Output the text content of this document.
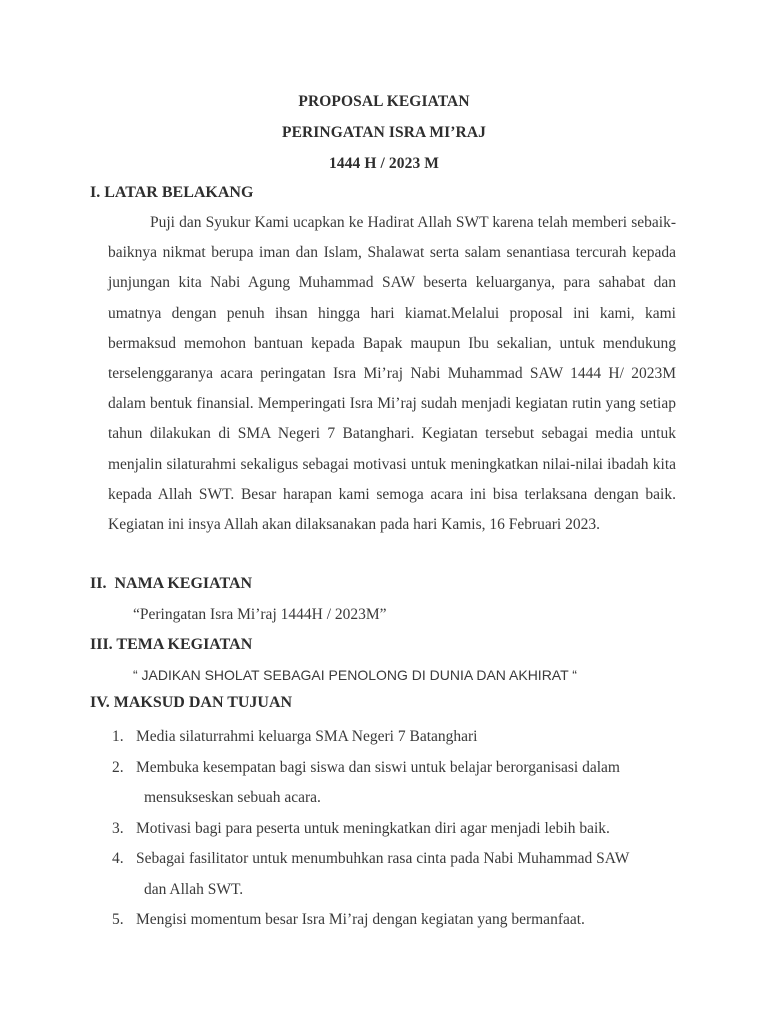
PROPOSAL KEGIATAN
PERINGATAN ISRA MI’RAJ
1444 H / 2023 M
I. LATAR BELAKANG
Puji dan Syukur Kami ucapkan ke Hadirat Allah SWT karena telah memberi sebaik-baiknya nikmat berupa iman dan Islam, Shalawat serta salam senantiasa tercurah kepada junjungan kita Nabi Agung Muhammad SAW beserta keluarganya, para sahabat dan umatnya dengan penuh ihsan hingga hari kiamat.Melalui proposal ini kami, kami bermaksud memohon bantuan kepada Bapak maupun Ibu sekalian, untuk mendukung terselenggaranya acara peringatan Isra Mi’raj Nabi Muhammad SAW 1444 H/ 2023M dalam bentuk finansial. Memperingati Isra Mi’raj sudah menjadi kegiatan rutin yang setiap tahun dilakukan di SMA Negeri 7 Batanghari. Kegiatan tersebut sebagai media untuk menjalin silaturahmi sekaligus sebagai motivasi untuk meningkatkan nilai-nilai ibadah kita kepada Allah SWT. Besar harapan kami semoga acara ini bisa terlaksana dengan baik. Kegiatan ini insya Allah akan dilaksanakan pada hari Kamis, 16 Februari 2023.
II.  NAMA KEGIATAN
“Peringatan Isra Mi’raj 1444H / 2023M”
III. TEMA KEGIATAN
“ JADIKAN SHOLAT SEBAGAI PENOLONG DI DUNIA DAN AKHIRAT “
IV. MAKSUD DAN TUJUAN
1. Media silaturrahmi keluarga SMA Negeri 7 Batanghari
2. Membuka kesempatan bagi siswa dan siswi untuk belajar berorganisasi dalam
mensukseskan sebuah acara.
3. Motivasi bagi para peserta untuk meningkatkan diri agar menjadi lebih baik.
4. Sebagai fasilitator untuk menumbuhkan rasa cinta pada Nabi Muhammad SAW
dan Allah SWT.
5. Mengisi momentum besar Isra Mi’raj dengan kegiatan yang bermanfaat.
